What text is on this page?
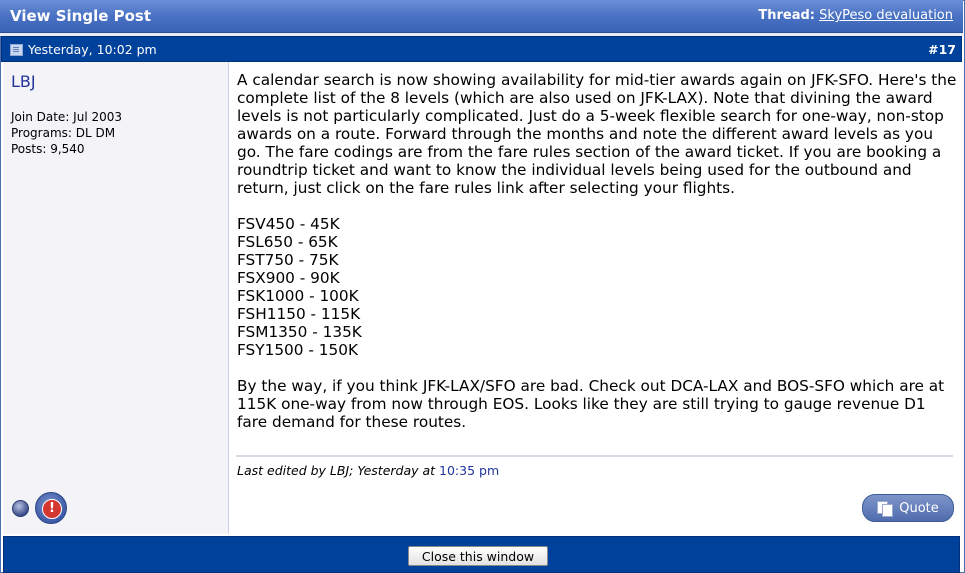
View Single Post	Thread: SkyPeso devaluation
Yesterday, 10:02 pm	#17
LBJ
Join Date: Jul 2003
Programs: DL DM
Posts: 9,540
!

A calendar search is now showing availability for mid-tier awards again on JFK-SFO. Here's the complete list of the 8 levels (which are also used on JFK-LAX). Note that divining the award levels is not particularly complicated. Just do a 5-week flexible search for one-way, non-stop awards on a route. Forward through the months and note the different award levels as you go. The fare codings are from the fare rules section of the award ticket. If you are booking a roundtrip ticket and want to know the individual levels being used for the outbound and return, just click on the fare rules link after selecting your flights.

FSV450 - 45K
FSL650 - 65K
FST750 - 75K
FSX900 - 90K
FSK1000 - 100K
FSH1150 - 115K
FSM1350 - 135K
FSY1500 - 150K

By the way, if you think JFK-LAX/SFO are bad. Check out DCA-LAX and BOS-SFO which are at 115K one-way from now through EOS. Looks like they are still trying to gauge revenue D1 fare demand for these routes.

Last edited by LBJ; Yesterday at 10:35 pm
Quote
Close this window
